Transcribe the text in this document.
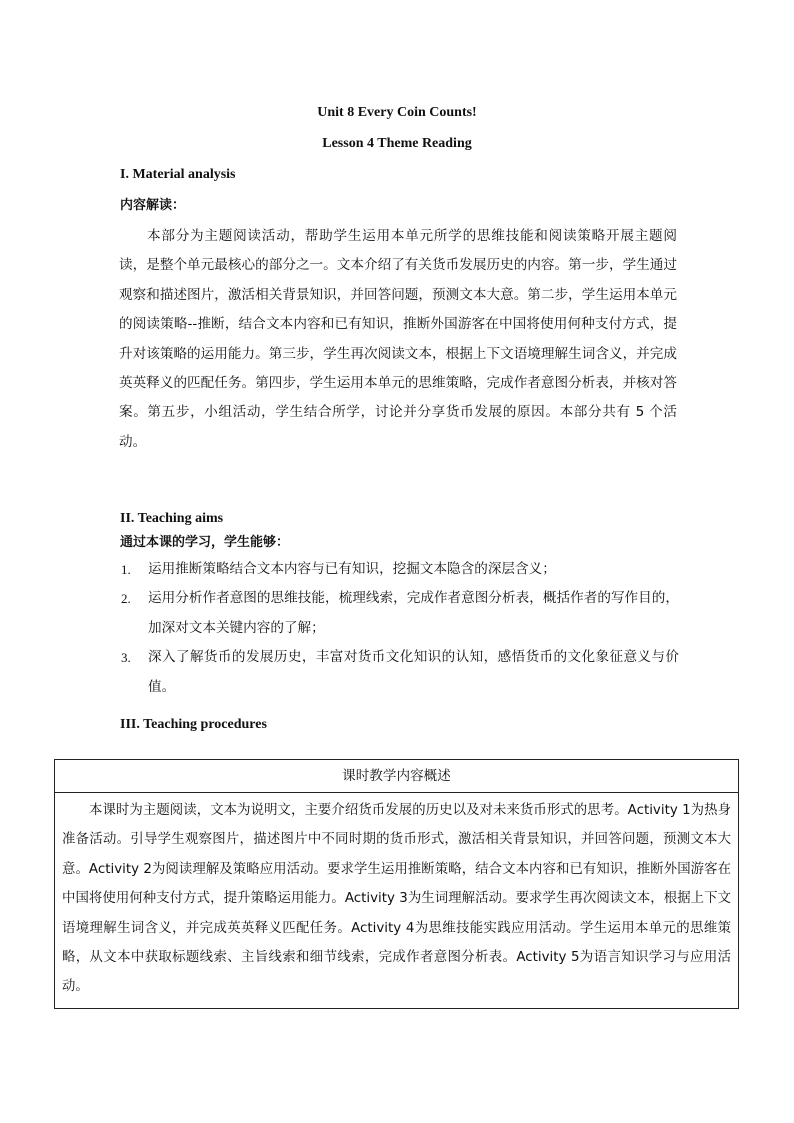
Unit 8 Every Coin Counts!
Lesson 4 Theme Reading
I. Material analysis
内容解读：

本部分为主题阅读活动，帮助学生运用本单元所学的思维技能和阅读策略开展主题阅读，是整个单元最核心的部分之一。文本介绍了有关货币发展历史的内容。第一步，学生通过观察和描述图片，激活相关背景知识，并回答问题，预测文本大意。第二步，学生运用本单元的阅读策略--推断，结合文本内容和已有知识，推断外国游客在中国将使用何种支付方式，提升对该策略的运用能力。第三步，学生再次阅读文本，根据上下文语境理解生词含义，并完成英英释义的匹配任务。第四步，学生运用本单元的思维策略，完成作者意图分析表，并核对答案。第五步，小组活动，学生结合所学，讨论并分享货币发展的原因。本部分共有 5 个活动。

II. Teaching aims
通过本课的学习，学生能够：
1. 运用推断策略结合文本内容与已有知识，挖掘文本隐含的深层含义；
2. 运用分析作者意图的思维技能，梳理线索，完成作者意图分析表，概括作者的写作目的，加深对文本关键内容的了解；
3. 深入了解货币的发展历史，丰富对货币文化知识的认知，感悟货币的文化象征意义与价值。
III. Teaching procedures
课时教学内容概述

本课时为主题阅读，文本为说明文，主要介绍货币发展的历史以及对未来货币形式的思考。Activity 1为热身准备活动。引导学生观察图片，描述图片中不同时期的货币形式，激活相关背景知识，并回答问题，预测文本大意。Activity 2为阅读理解及策略应用活动。要求学生运用推断策略，结合文本内容和已有知识，推断外国游客在中国将使用何种支付方式，提升策略运用能力。Activity 3为生词理解活动。要求学生再次阅读文本，根据上下文语境理解生词含义，并完成英英释义匹配任务。Activity 4为思维技能实践应用活动。学生运用本单元的思维策略，从文本中获取标题线索、主旨线索和细节线索，完成作者意图分析表。Activity 5为语言知识学习与应用活动。
